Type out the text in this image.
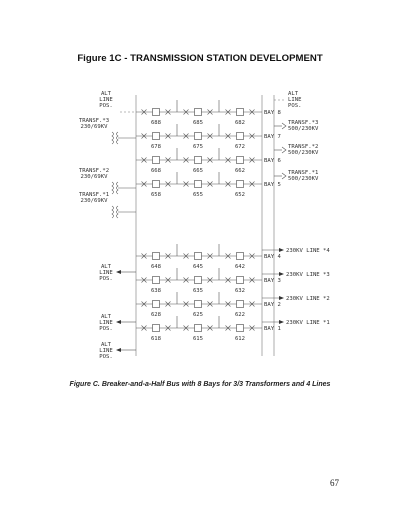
Figure 1C - TRANSMISSION STATION DEVELOPMENT
688	685	682
BAY 8
678	675	672
BAY 7
668	665	662
BAY 6
658	655	652
BAY 5
648	645	642
BAY 4
638	635	632
BAY 3
628	625	622
BAY 2
618	615	612
BAY 1
ALT
LINE
POS.
TRANSF.*3
230/69KV
TRANSF.*2
230/69KV
TRANSF.*1
230/69KV
ALT
LINE
POS.
ALT
LINE
POS.
ALT
LINE
POS.
ALT
LINE
POS.
TRANSF.*3
500/230KV
TRANSF.*2
500/230KV
TRANSF.*1
500/230KV
230KV LINE *4
230KV LINE *3
230KV LINE *2
230KV LINE *1
Figure C. Breaker-and-a-Half Bus with 8 Bays for 3/3 Transformers and 4 Lines
67
